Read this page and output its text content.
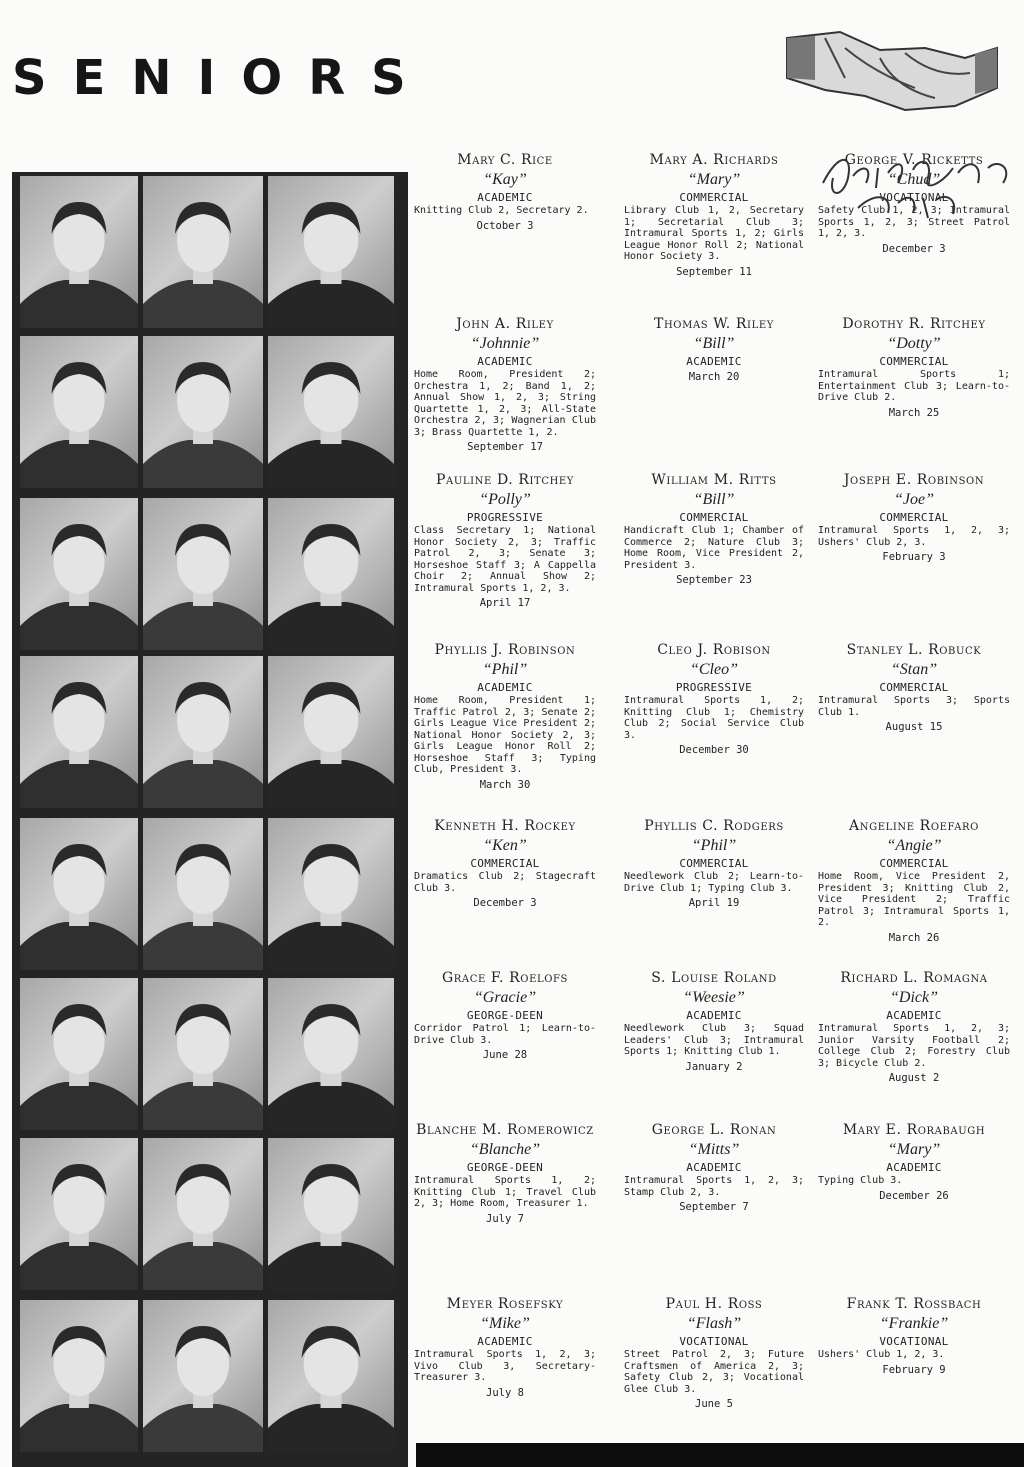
SENIORS
Mary C. Rice
“Kay”
ACADEMIC
Knitting Club 2, Secretary 2.
October 3
Mary A. Richards
“Mary”
COMMERCIAL
Library Club 1, 2, Secretary 1; Secretarial Club 3; Intramural Sports 1, 2; Girls League Honor Roll 2; National Honor Society 3.
September 11
George V. Ricketts
“Chud”
VOCATIONAL
Safety Club 1, 2, 3; Intramural Sports 1, 2, 3; Street Patrol 1, 2, 3.
December 3
John A. Riley
“Johnnie”
ACADEMIC
Home Room, President 2; Orchestra 1, 2; Band 1, 2; Annual Show 1, 2, 3; String Quartette 1, 2, 3; All-State Orchestra 2, 3; Wagnerian Club 3; Brass Quartette 1, 2.
September 17
Thomas W. Riley
“Bill”
ACADEMIC
March 20
Dorothy R. Ritchey
“Dotty”
COMMERCIAL
Intramural Sports 1; Entertainment Club 3; Learn-to-Drive Club 2.
March 25
Pauline D. Ritchey
“Polly”
PROGRESSIVE
Class Secretary 1; National Honor Society 2, 3; Traffic Patrol 2, 3; Senate 3; Horseshoe Staff 3; A Cappella Choir 2; Annual Show 2; Intramural Sports 1, 2, 3.
April 17
William M. Ritts
“Bill”
COMMERCIAL
Handicraft Club 1; Chamber of Commerce 2; Nature Club 3; Home Room, Vice President 2, President 3.
September 23
Joseph E. Robinson
“Joe”
COMMERCIAL
Intramural Sports 1, 2, 3; Ushers' Club 2, 3.
February 3
Phyllis J. Robinson
“Phil”
ACADEMIC
Home Room, President 1; Traffic Patrol 2, 3; Senate 2; Girls League Vice President 2; National Honor Society 2, 3; Girls League Honor Roll 2; Horseshoe Staff 3; Typing Club, President 3.
March 30
Cleo J. Robison
“Cleo”
PROGRESSIVE
Intramural Sports 1, 2; Knitting Club 1; Chemistry Club 2; Social Service Club 3.
December 30
Stanley L. Robuck
“Stan”
COMMERCIAL
Intramural Sports 3; Sports Club 1.
August 15
Kenneth H. Rockey
“Ken”
COMMERCIAL
Dramatics Club 2; Stagecraft Club 3.
December 3
Phyllis C. Rodgers
“Phil”
COMMERCIAL
Needlework Club 2; Learn-to-Drive Club 1; Typing Club 3.
April 19
Angeline Roefaro
“Angie”
COMMERCIAL
Home Room, Vice President 2, President 3; Knitting Club 2, Vice President 2; Traffic Patrol 3; Intramural Sports 1, 2.
March 26
Grace F. Roelofs
“Gracie”
GEORGE-DEEN
Corridor Patrol 1; Learn-to-Drive Club 3.
June 28
S. Louise Roland
“Weesie”
ACADEMIC
Needlework Club 3; Squad Leaders' Club 3; Intramural Sports 1; Knitting Club 1.
January 2
Richard L. Romagna
“Dick”
ACADEMIC
Intramural Sports 1, 2, 3; Junior Varsity Football 2; College Club 2; Forestry Club 3; Bicycle Club 2.
August 2
Blanche M. Romerowicz
“Blanche”
GEORGE-DEEN
Intramural Sports 1, 2; Knitting Club 1; Travel Club 2, 3; Home Room, Treasurer 1.
July 7
George L. Ronan
“Mitts”
ACADEMIC
Intramural Sports 1, 2, 3; Stamp Club 2, 3.
September 7
Mary E. Rorabaugh
“Mary”
ACADEMIC
Typing Club 3.
December 26
Meyer Rosefsky
“Mike”
ACADEMIC
Intramural Sports 1, 2, 3; Vivo Club 3, Secretary-Treasurer 3.
July 8
Paul H. Ross
“Flash”
VOCATIONAL
Street Patrol 2, 3; Future Craftsmen of America 2, 3; Safety Club 2, 3; Vocational Glee Club 3.
June 5
Frank T. Rossbach
“Frankie”
VOCATIONAL
Ushers' Club 1, 2, 3.
February 9
